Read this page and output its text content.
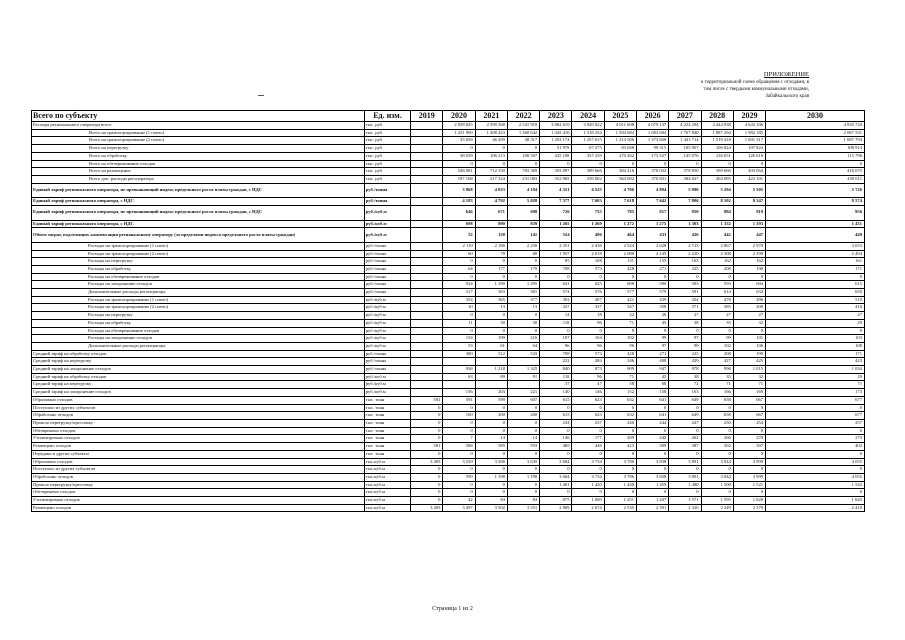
ПРИЛОЖЕНИЕ
к территориальной схеме обращения с отходами, в
том числе с твердыми коммунальными отходами,
Забайкальского края
Всего по субъекту	Ед. изм.	2019	2020	2021	2022	2023	2024	2025	2026	2027	2028	2029	2030
Расходы регионального оператора всего	тыс. руб.		2 058 845	2 390 568	2 541 918	3 882 619	3 949 022	4 011 608	4 079 137	4 224 294	4 444 938	4 643 106	4 835 720
Всего на транспортирование (1 плечо)	тыс. руб.		1 251 900	1 308 423	1 368 642	1 445 416	1 518 234	1 594 684	1 683 604	1 767 840	1 887 294	1 982 185	2 067 531
Всего на транспортирование (2 плечо)	тыс. руб.		35 658	46 459	48 317	1 203 174	1 257 615	1 314 506	1 373 828	1 441 714	1 519 418	1 601 317	1 687 793
Всего на перегрузку	тыс. руб.		0	0	0	51 979	67 275	83 048	99 315	105 907	106 824	107 824	108 914
Всего на обработку	тыс. руб.		38 039	106 213	108 507	435 188	357 239	270 262	173 527	145 976	136 651	126 616	115 796
Всего на обезвреживание отходов	тыс. руб.		0	0	0	0	0	0	0	0	0	0	0
Всего на размещение	тыс. руб.		546 081	712 150	783 369	393 897	389 666	384 416	378 032	378 850	390 666	403 064	416 075
Всего доп. расходы регоператора	тыс. руб.		187 168	217 324	231 083	352 965	359 002	364 692	370 831	384 027	404 085	422 101	439 611
Единый тариф регионального оператора, не превышающий индекс предельного роста платы граждан, с НДС	руб./тонна		3 868	4 023	4 184	4 351	4 525	4 706	4 894	5 090	5 294	5 505	5 726
Единый тариф регионального оператора, с НДС	руб./тонна		4 183	4 792	5 028	7 577	7 603	7 618	7 642	7 806	8 102	8 347	8 574
Единый тариф регионального оператора, не превышающий индекс предельного роста платы граждан, с НДС	руб./куб.м		646	671	698	726	755	785	817	850	884	919	956
Единый тариф регионального оператора, с НДС	руб./куб.м		698	800	839	1 265	1 269	1 272	1 275	1 303	1 352	1 393	1 431
Объем затрат, подлежащих компенсации региональному оператору (за пределами индекса предельного роста платы граждан)	руб./куб.м		52	128	141	524	496	464	433	426	442	447	449
Расходы на транспортирование (1 плечо)	руб./тонна		2 119	2 186	2 256	2 351	2 436	2 524	2 628	2 723	2 867	2 970	3 053
Расходы на транспортирование (2 плечо)	руб./тонна		60	78	80	1 957	2 018	2 080	2 145	2 220	2 308	2 399	2 494
Расходы на перегрузку	руб./тонна		0	0	0	85	108	131	155	163	162	162	161
Расходы на обработку	руб./тонна		64	177	179	708	573	428	271	225	208	190	171
Расходы на обезвреживание отходов	руб./тонна		0	0	0	0	0	0	0	0	0	0	0
Расходы на захоронение отходов	руб./тонна		924	1 190	1 295	641	625	608	590	583	593	604	615
Дополнительные расходы регоператора	руб./тонна		317	363	381	574	576	577	579	591	614	632	650
Расходы на транспортирование (1 плечо)	руб./куб.м		354	365	377	392	407	421	439	454	478	496	510
Расходы на транспортирование (2 плечо)	руб./куб.м		10	13	13	327	337	347	358	371	385	400	416
Расходы на перегрузку	руб./куб.м		0	0	0	14	18	22	26	27	27	27	27
Расходы на обработку	руб./куб.м		11	30	30	118	96	71	45	38	35	32	29
Расходы на обезвреживание отходов	руб./куб.м		0	0	0	0	0	0	0	0	0	0	0
Расходы на захоронение отходов	руб./куб.м		154	199	216	107	104	102	99	97	99	101	103
Дополнительные расходы регоператора	руб./куб.м		53	61	64	96	96	96	97	99	102	106	108
Средний тариф на обработку отходов	руб./тонна		380	512	543	708	573	428	271	225	208	190	171
Средний тариф на перегрузку	руб./тонна					222	284	346	408	429	427	425	423
Средний тариф на захоронение отходов	руб./тонна		936	1 218	1 325	840	873	909	947	978	996	1 015	1 034
Средний тариф на обработку отходов	руб./куб.м		63	89	91	118	96	71	45	38	35	32	29
Средний тариф на перегрузку	руб./куб.м					37	47	58	68	72	71	71	71
Средний тариф на захоронение отходов	руб./куб.м		156	203	221	140	146	152	158	163	166	169	173
Образовано отходов	тыс. тонн	581	591	599	607	615	623	632	641	649	658	667	677
Поступило из других субъектов	тыс. тонн	0	0	0	0	0	0	0	0	0	0	0	0
Обработано отходов	тыс. тонн	0	100	200	200	615	623	632	641	649	658	667	677
Прошло перегрузку/прессовку	тыс. тонн	0	0	0	0	234	237	240	244	247	250	254	257
Обезврежено отходов	тыс. тонн	0	0	0	0	0	0	0	0	0	0	0	0
Утилизировано отходов	тыс. тонн	0	7	14	14	146	177	209	242	262	266	270	275
Размещено отходов	тыс. тонн	581	586	585	593	469	446	423	399	387	392	397	402
Передано в другие субъекты	тыс. тонн	0	0	0	0	0	0	0	0	0	0	0	0
Образовано отходов	тыс.куб.м	3 483	3 539	3 586	3 635	3 684	3 734	3 786	3 838	3 891	3 944	3 999	4 055
Поступило из других субъектов	тыс.куб.м	0	0	0	0	0	0	0	0	0	0	0	0
Обработано отходов	тыс.куб.м	0	599	1 198	1 198	3 684	3 734	3 786	3 838	3 891	3 944	3 999	4 055
Прошло перегрузку/прессовку	тыс.куб.м	0	0	0	0	1 401	1 420	1 440	1 459	1 480	1 500	1 521	1 542
Обезврежено отходов	тыс.куб.м	0	0	0	0	0	0	0	0	0	0	0	0
Утилизировано отходов	тыс.куб.м	0	42	84	84	875	1 060	1 251	1 447	1 571	1 595	1 620	1 645
Размещено отходов	тыс.куб.м	3 483	3 497	3 502	3 551	2 809	2 674	2 535	2 391	2 320	2 349	2 379	2 410
Страница 1 из 2
